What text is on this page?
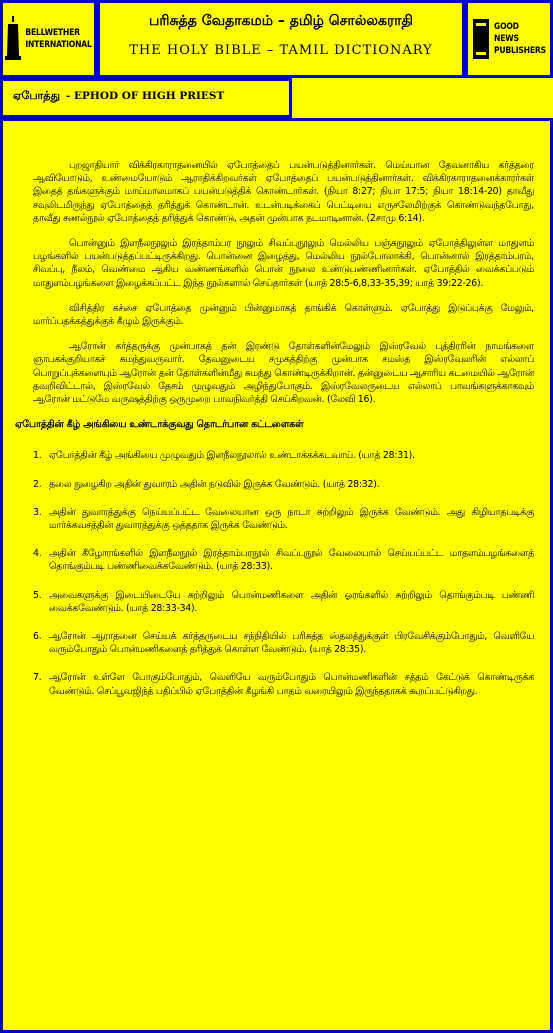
BELLWETHER
INTERNATIONAL
பரிசுத்த வேதாகமம் – தமிழ் சொல்லகராதி
THE HOLY BIBLE – TAMIL DICTIONARY
GOOD NEWS
PUBLISHERS
ஏபோத்து - EPHOD OF HIGH PRIEST

புறஜாதியார் விக்கிரகாராதனையில் ஏபோத்தைப் பயன்படுத்தினார்கள். மெய்யான தேவனாகிய கர்த்தரை ஆவியோடும், உண்மையோடும் ஆராதிக்கிறவர்கள் ஏபோத்தைப் பயன்படுத்தினார்கள். விக்கிரகாராதனைக்காரர்கள் இதைத் தங்களுக்கும் மாய்மாலமாகப் பயன்படுத்திக் கொண்டார்கள். (நியா 8:27; நியா 17:5; நியா 18:14-20) தாவீது சவுலிடமிருந்து ஏபோத்தைத் தரித்துக் கொண்டான். உடன்படிக்கைப் பெட்டியை எருசலேமிற்குக் கொண்டுவந்தபோது, தாவீது சணல்நூல் ஏபோத்தைத் தரித்துக் கொண்டு, அதன் முன்பாக நடமாடினான். (2சாமு 6:14).

பொன்னும் இளநீலநூலும் இரத்தாம்பர நூலும் சிவப்புநூலும் மெல்லிய பஞ்சுநூலும் ஏபோத்திலுள்ள மாதுளம் பழங்களில் பயன்படுத்தப்பட்டிருக்கிறது. பொன்னை இழைத்து, மெல்லிய நூல்போலாக்கி, பொன்னால் இரத்தாம்பரம், சிவப்பு, நீலம், வெண்மை ஆகிய வண்ணங்களில் பொன் நூலை உண்டுபண்ணினார்கள். ஏபோத்தில் வைக்கப்படும் மாதுளம்பழங்களை இழைக்கப்பட்ட இந்த நூல்களால் செய்தார்கள் (யாத் 28:5-6,8,33-35,39; யாத் 39:22-26).

விசித்திர கச்சை ஏபோத்தை முன்னும் பின்னுமாகத் தாங்கிக் கொள்ளும். ஏபோத்து இடுப்புக்கு மேலும், மார்ப்பதக்கத்துக்குக் கீழும் இருக்கும்.

ஆரோன் கர்த்தருக்கு முன்பாகத் தன் இரண்டு தோள்களின்மேலும் இஸ்ரவேல் புத்திரரின் நாமங்களை ஞாபகக்குறியாகச் சுமந்துவருவார். தேவனுடைய சமுகத்திற்கு முன்பாக சமஸ்த இஸ்ரவேலரின் எல்லாப் பொறுப்புக்களையும் ஆரோன் தன் தோள்களின்மீது சுமந்து கொண்டிருக்கிறான். தன்னுடைய ஆசாரிய கடமையில் ஆரோன் தவறிவிட்டால், இஸ்ரவேல் தேசம் முழுவதும் அழிந்துபோகும். இஸ்ரவேலருடைய எல்லாப் பாவங்களுக்காகவும் ஆரோன் மட்டுமே வருஷத்திற்கு ஒருமுறை பாவநிவர்த்தி செய்கிறவன். (லேவி 16).

ஏபோத்தின் கீழ் அங்கியை உண்டாக்குவது தொடர்பான கட்டளைகள்

1. ஏபோத்தின் கீழ் அங்கியை முழுவதும் இளநீலநூலால் உண்டாக்கக்கடவாய். (யாத் 28:31).
2. தலை நுழைகிற அதின் துவாரம் அதின் நடுவில் இருக்க வேண்டும். (யாத் 28:32).
3. அதின் துவாரத்துக்கு நெய்யப்பட்ட வேலையான ஒரு நாடா சுற்றிலும் இருக்க வேண்டும். அது கிழியாதபடிக்கு மார்க்கவசத்தின் துவாரத்துக்கு ஒத்ததாக இருக்க வேண்டும்.
4. அதின் கீழோரங்களில் இளநீலநூல் இரத்தாம்பரநூல் சிவப்புநூல் வேலையால் செய்யப்பட்ட மாதளம்பழங்களைத் தொங்கும்படி பண்ணிவைக்கவேண்டும். (யாத் 28:33).
5. அவைகளுக்கு இடையிடையே சுற்றிலும் பொன்மணிகளை அதின் ஓரங்களில் சுற்றிலும் தொங்கும்படி பண்ணி வைக்கவேண்டும். (யாத் 28:33-34).
6. ஆரோன் ஆராதனை செய்யக் கர்த்தருடைய சந்நிதியில் பரிசுத்த ஸ்தலத்துக்குள் பிரவேசிக்கும்போதும், வெளியே வரும்போதும் பொன்மணிகளைத் தரித்துக் கொள்ள வேண்டும். (யாத் 28:35).
7. ஆரோன் உள்ளே போகும்போதும், வெளியே வரும்போதும் பொன்மணிகளின் சத்தம் கேட்டுக் கொண்டிருக்க வேண்டும். செப்பூவஜிந்த் பதிப்பில் ஏபோத்தின் கீழங்கி பாதம் வரையிலும் இருந்ததாகக் கூறப்பட்டுகிறது.
